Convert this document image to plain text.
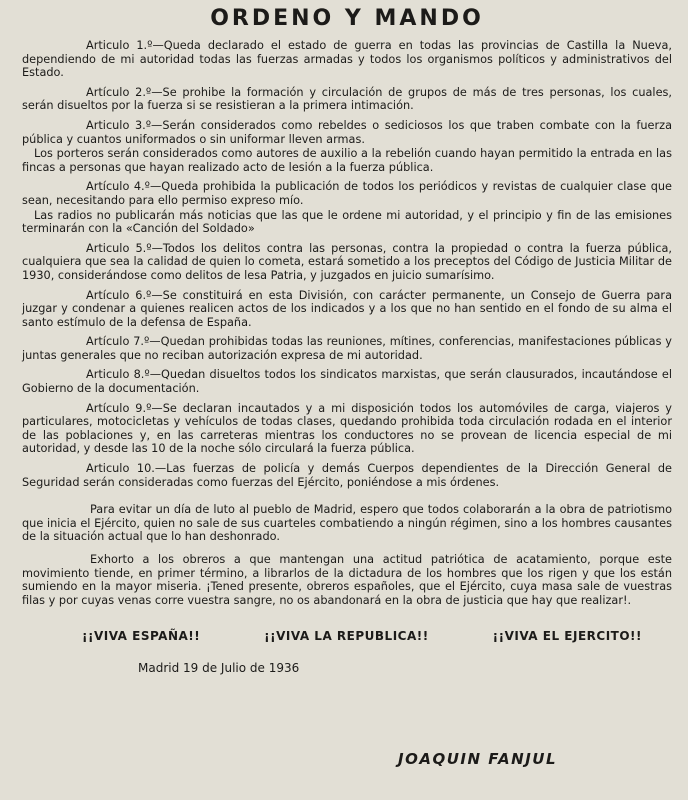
ORDENO Y MANDO

Articulo 1.º—Queda declarado el estado de guerra en todas las provincias de Castilla la Nueva, dependiendo de mi autoridad todas las fuerzas armadas y todos los organismos políticos y administrativos del Estado.

Artículo 2.º—Se prohibe la formación y circulación de grupos de más de tres personas, los cuales, serán disueltos por la fuerza si se resistieran a la primera intimación.

Articulo 3.º—Serán considerados como rebeldes o sediciosos los que traben combate con la fuerza pública y cuantos uniformados o sin uniformar lleven armas.

Los porteros serán considerados como autores de auxilio a la rebelión cuando hayan permitido la entrada en las fincas a personas que hayan realizado acto de lesión a la fuerza pública.

Artículo 4.º—Queda prohibida la publicación de todos los periódicos y revistas de cualquier clase que sean, necesitando para ello permiso expreso mío.

Las radios no publicarán más noticias que las que le ordene mi autoridad, y el principio y fin de las emisiones terminarán con la «Canción del Soldado»

Articulo 5.º—Todos los delitos contra las personas, contra la propiedad o contra la fuerza pública, cualquiera que sea la calidad de quien lo cometa, estará sometido a los preceptos del Código de Justicia Militar de 1930, considerándose como delitos de lesa Patria, y juzgados en juicio sumarísimo.

Artículo 6.º—Se constituirá en esta División, con carácter permanente, un Consejo de Guerra para juzgar y condenar a quienes realicen actos de los indicados y a los que no han sentido en el fondo de su alma el santo estímulo de la defensa de España.

Artículo 7.º—Quedan prohibidas todas las reuniones, mítines, conferencias, manifestaciones públicas y juntas generales que no reciban autorización expresa de mi autoridad.

Articulo 8.º—Quedan disueltos todos los sindicatos marxistas, que serán clausurados, incautándose el Gobierno de la documentación.

Artículo 9.º—Se declaran incautados y a mi disposición todos los automóviles de carga, viajeros y particulares, motocicletas y vehículos de todas clases, quedando prohibida toda circulación rodada en el interior de las poblaciones y, en las carreteras mientras los conductores no se provean de licencia especial de mi autoridad, y desde las 10 de la noche sólo circulará la fuerza pública.

Articulo 10.—Las fuerzas de policía y demás Cuerpos dependientes de la Dirección General de Seguridad serán consideradas como fuerzas del Ejército, poniéndose a mis órdenes.

Para evitar un día de luto al pueblo de Madrid, espero que todos colaborarán a la obra de patriotismo que inicia el Ejército, quien no sale de sus cuarteles combatiendo a ningún régimen, sino a los hombres causantes de la situación actual que lo han deshonrado.

Exhorto a los obreros a que mantengan una actitud patriótica de acatamiento, porque este movimiento tiende, en primer término, a librarlos de la dictadura de los hombres que los rigen y que los están sumiendo en la mayor miseria. ¡Tened presente, obreros españoles, que el Ejército, cuya masa sale de vuestras filas y por cuyas venas corre vuestra sangre, no os abandonará en la obra de justicia que hay que realizar!.

¡¡VIVA ESPAÑA!!	¡¡VIVA LA REPUBLICA!!	¡¡VIVA EL EJERCITO!!
Madrid 19 de Julio de 1936
JOAQUIN FANJUL
